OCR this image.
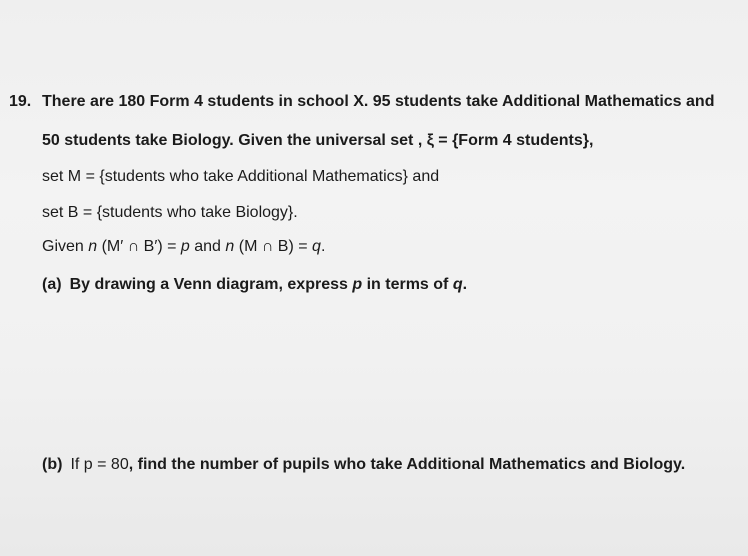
19. There are 180 Form 4 students in school X. 95 students take Additional Mathematics and
50 students take Biology. Given the universal set , ξ = {Form 4 students},
set M = {students who take Additional Mathematics} and
set B = {students who take Biology}.
Given n (M′ ∩ B′) = p and n (M ∩ B) = q.
(a) By drawing a Venn diagram, express p in terms of q.
(b) If p = 80, find the number of pupils who take Additional Mathematics and Biology.
